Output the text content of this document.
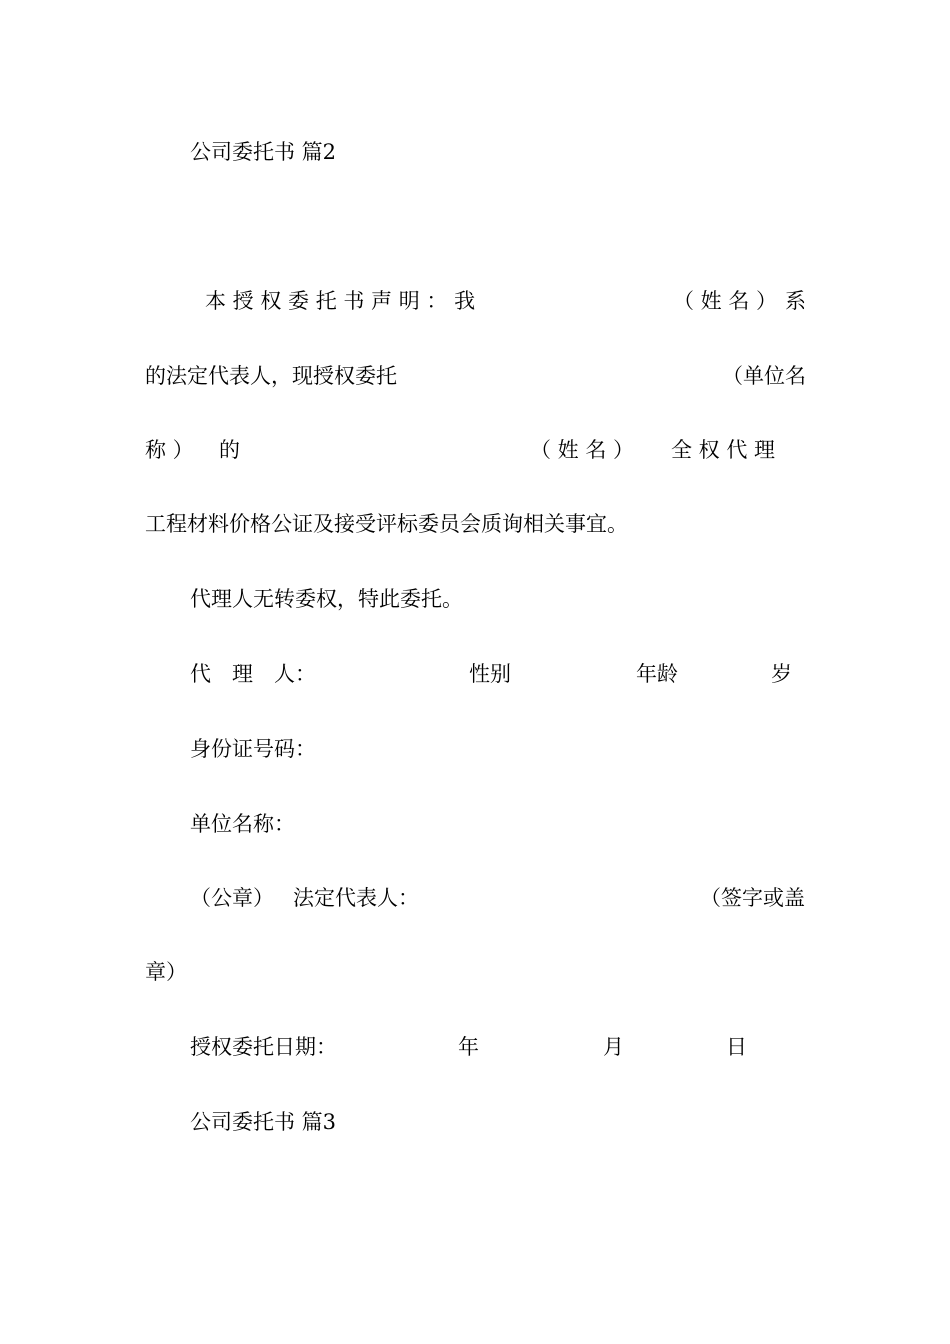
公司委托书 篇2
本 授 权 委 托 书 声 明 ： 我	（ 姓 名 ） 系
的法定代表人，现授权委托	（单位名
称 ） 的	（ 姓 名 ） 全 权 代 理
工程材料价格公证及接受评标委员会质询相关事宜。
代理人无转委权，特此委托。
代　理　人：	性别	年龄	岁
身份证号码：
单位名称：
（公章） 法定代表人：	（签字或盖
章）
授权委托日期：	年	月	日
公司委托书 篇3
